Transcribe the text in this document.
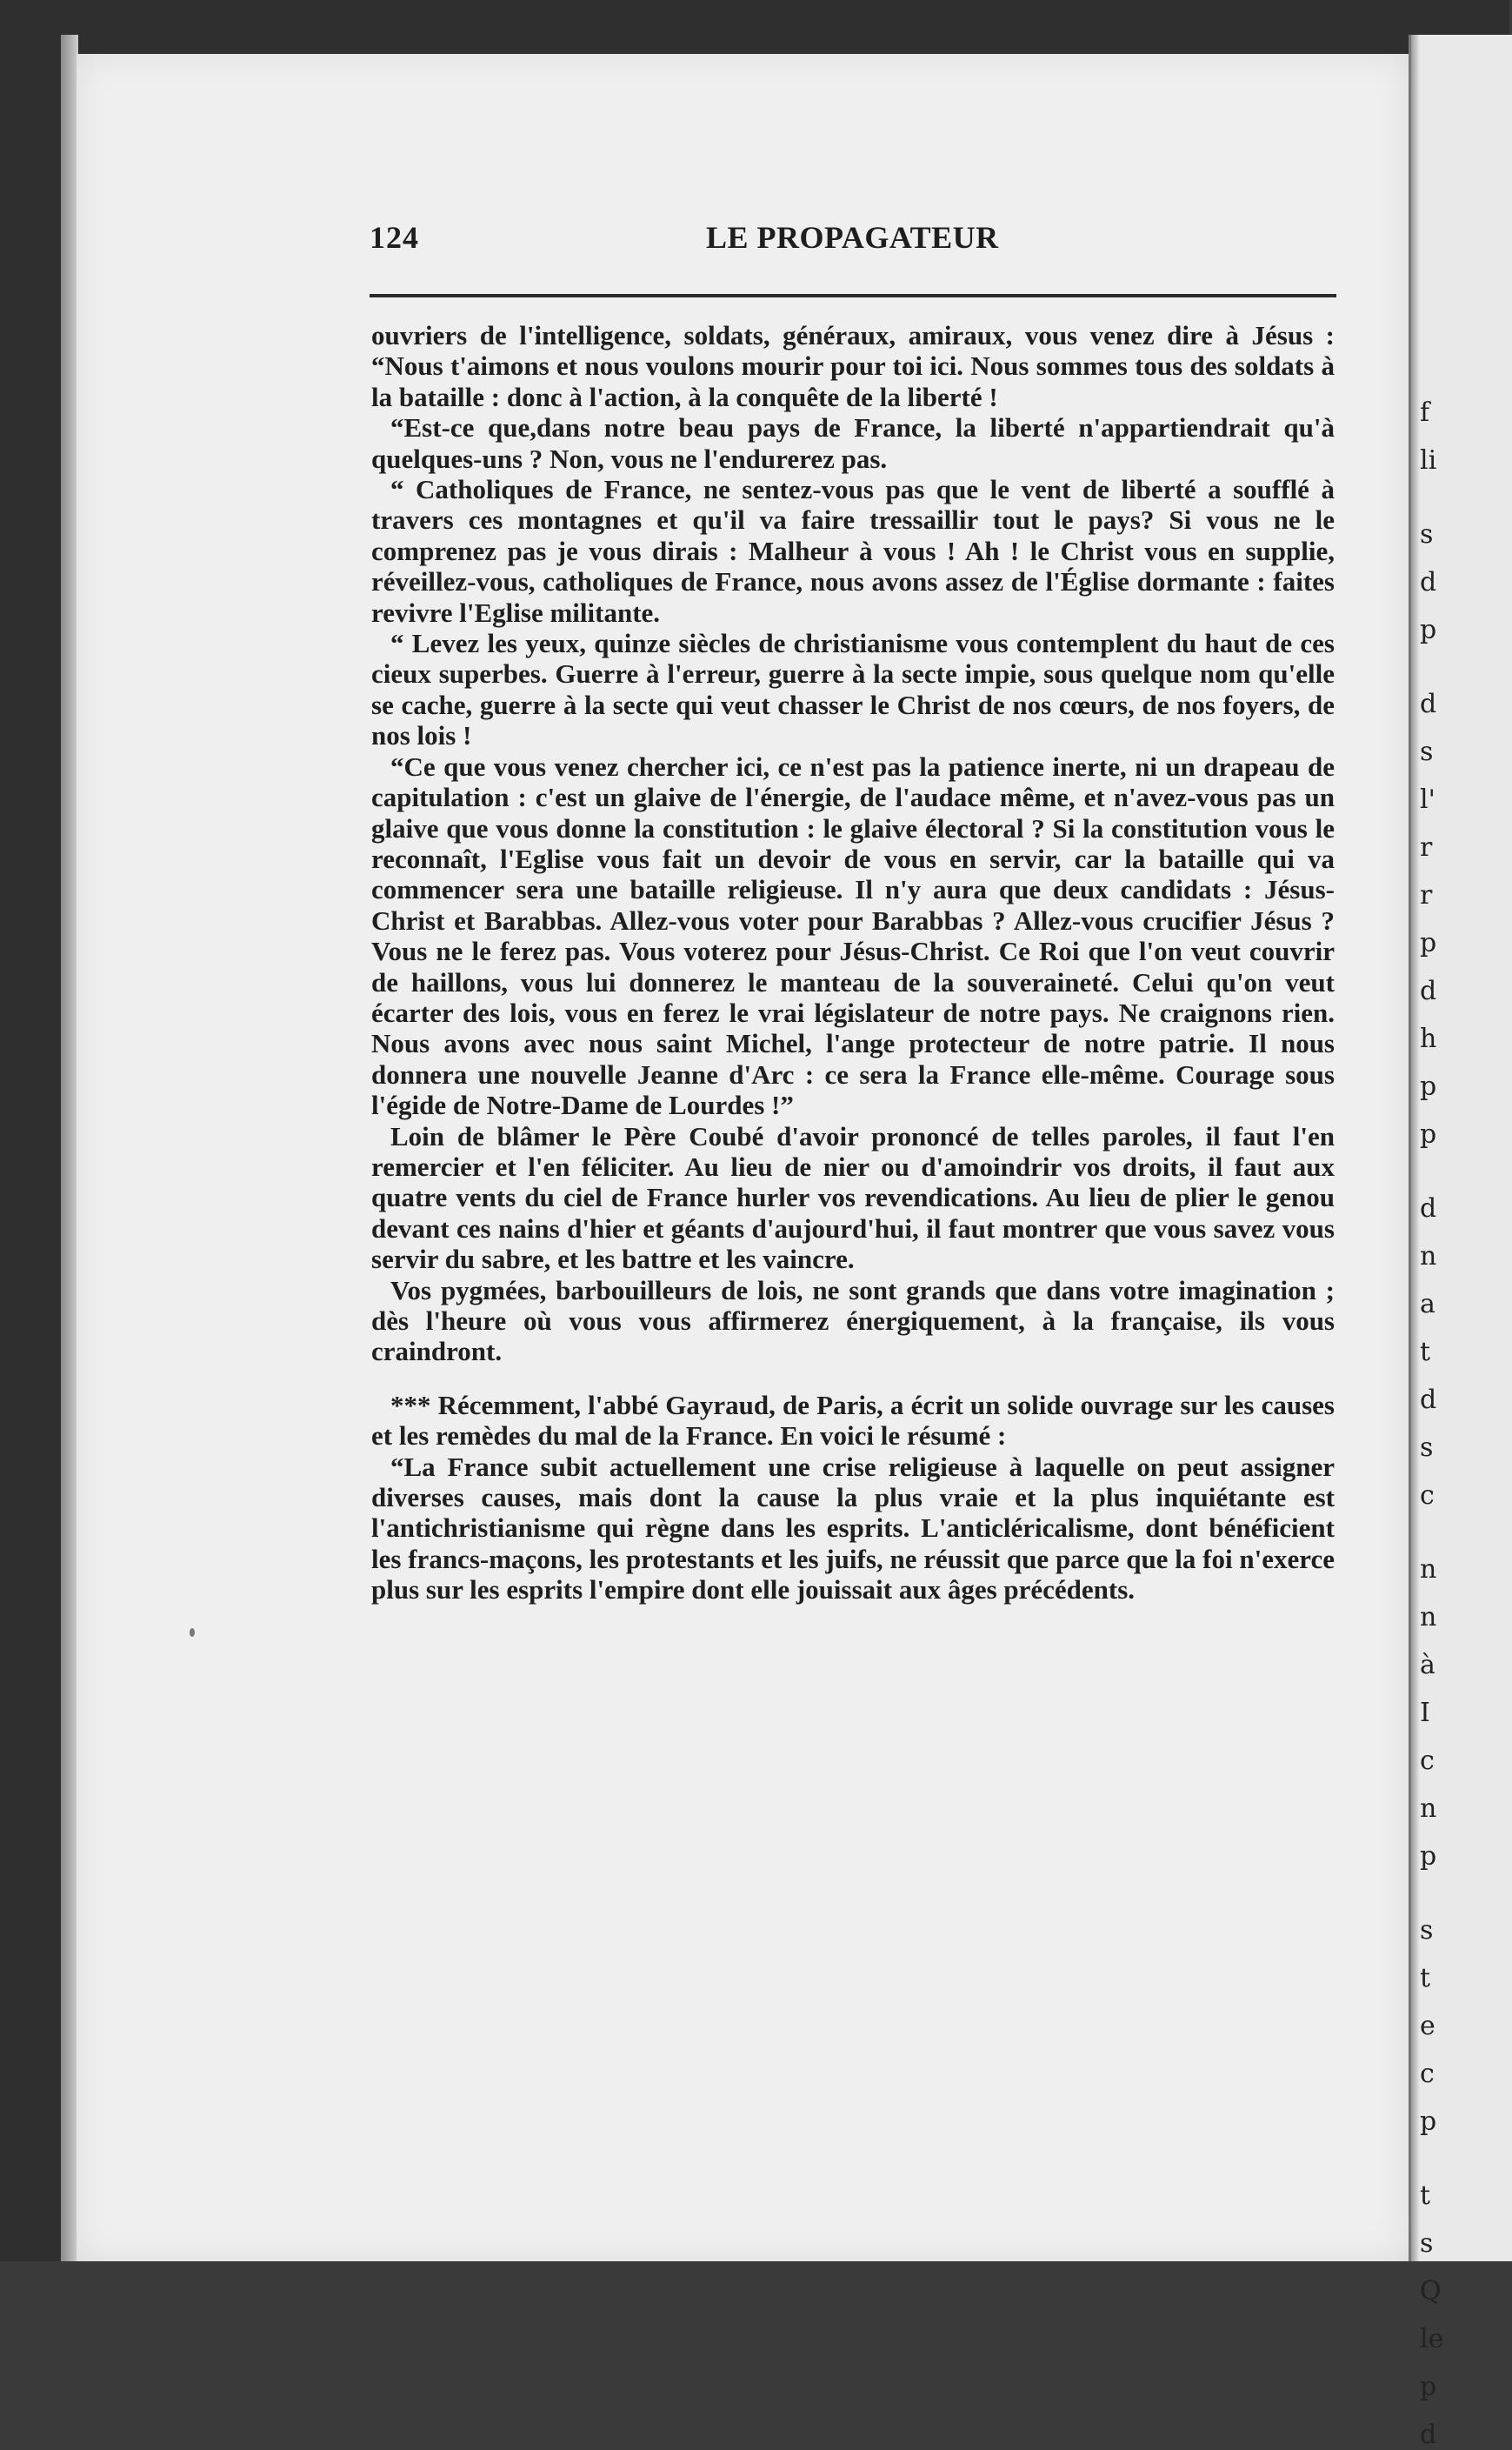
f
li
s
d
p
d
s
l'
r
r
p
d
h
p
p
d
n
a
t
d
s
c
n
n
à
I
c
n
p
s
t
e
c
p
t
s
Q
le
p
d
124	LE PROPAGATEUR

ouvriers de l'intelligence, soldats, généraux, amiraux, vous venez dire à Jésus : “Nous t'aimons et nous voulons mourir pour toi ici. Nous sommes tous des soldats à la bataille : donc à l'action, à la conquête de la liberté !

“Est-ce que,dans notre beau pays de France, la liberté n'appartiendrait qu'à quelques-uns ? Non, vous ne l'endurerez pas.

“ Catholiques de France, ne sentez-vous pas que le vent de liberté a soufflé à travers ces montagnes et qu'il va faire tressaillir tout le pays? Si vous ne le comprenez pas je vous dirais : Malheur à vous ! Ah ! le Christ vous en supplie, réveillez-vous, catholiques de France, nous avons assez de l'Église dormante : faites revivre l'Eglise militante.

“ Levez les yeux, quinze siècles de christianisme vous contemplent du haut de ces cieux superbes. Guerre à l'erreur, guerre à la secte impie, sous quelque nom qu'elle se cache, guerre à la secte qui veut chasser le Christ de nos cœurs, de nos foyers, de nos lois !

“Ce que vous venez chercher ici, ce n'est pas la patience inerte, ni un drapeau de capitulation : c'est un glaive de l'énergie, de l'audace même, et n'avez-vous pas un glaive que vous donne la constitution : le glaive électoral ? Si la constitution vous le reconnaît, l'Eglise vous fait un devoir de vous en servir, car la bataille qui va commencer sera une bataille religieuse. Il n'y aura que deux candidats : Jésus-Christ et Barabbas. Allez-vous voter pour Barabbas ? Allez-vous crucifier Jésus ? Vous ne le ferez pas. Vous voterez pour Jésus-Christ. Ce Roi que l'on veut couvrir de haillons, vous lui donnerez le manteau de la souveraineté. Celui qu'on veut écarter des lois, vous en ferez le vrai législateur de notre pays. Ne craignons rien. Nous avons avec nous saint Michel, l'ange protecteur de notre patrie. Il nous donnera une nouvelle Jeanne d'Arc : ce sera la France elle-même. Courage sous l'égide de Notre-Dame de Lourdes !”

Loin de blâmer le Père Coubé d'avoir prononcé de telles paroles, il faut l'en remercier et l'en féliciter. Au lieu de nier ou d'amoindrir vos droits, il faut aux quatre vents du ciel de France hurler vos revendications. Au lieu de plier le genou devant ces nains d'hier et géants d'aujourd'hui, il faut montrer que vous savez vous servir du sabre, et les battre et les vaincre.

Vos pygmées, barbouilleurs de lois, ne sont grands que dans votre imagination ; dès l'heure où vous vous affirmerez énergiquement, à la française, ils vous craindront.

*** Récemment, l'abbé Gayraud, de Paris, a écrit un solide ouvrage sur les causes et les remèdes du mal de la France. En voici le résumé :

“La France subit actuellement une crise religieuse à laquelle on peut assigner diverses causes, mais dont la cause la plus vraie et la plus inquiétante est l'antichristianisme qui règne dans les esprits. L'anticléricalisme, dont bénéficient les francs-maçons, les protestants et les juifs, ne réussit que parce que la foi n'exerce plus sur les esprits l'empire dont elle jouissait aux âges précédents.
